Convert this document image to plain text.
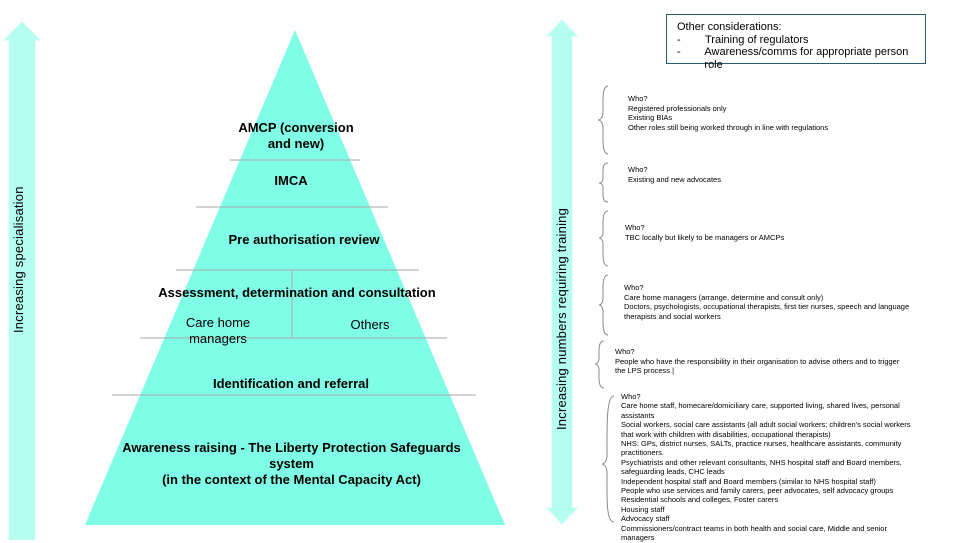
Increasing specialisation	Increasing numbers requiring training
AMCP (conversion
and new)
IMCA
Pre authorisation review
Assessment, determination and consultation
Care home
managers
Others
Identification and referral
Awareness raising - The Liberty Protection Safeguards
system
(in the context of the Mental Capacity Act)
Other considerations:
-	Training of regulators
-	Awareness/comms for appropriate person role
Who?
Registered professionals only
Existing BIAs
Other roles still being worked through in line with regulations
Who?
Existing and new advocates
Who?
TBC locally but likely to be managers or AMCPs
Who?
Care home managers (arrange, determine and consult only)
Doctors, psychologists, occupational therapists, first tier nurses, speech and language
therapists and social workers
Who?
People who have the responsibility in their organisation to advise others and to trigger
the LPS process |
Who?
Care home staff, homecare/domiciliary care, supported living, shared lives, personal
assistants
Social workers, social care assistants (all adult social workers; children's social workers
that work with children with disabilities, occupational therapists)
NHS: GPs, district nurses, SALTs, practice nurses, healthcare assistants, community
practitioners.
Psychiatrists and other relevant consultants, NHS hospital staff and Board members,
safeguarding leads, CHC leads
Independent hospital staff and Board members (similar to NHS hospital staff)
People who use services and family carers, peer advocates, self advocacy groups
Residential schools and colleges, Foster carers
Housing staff
Advocacy staff
Commissioners/contract teams in both health and social care, Middle and senior
managers
